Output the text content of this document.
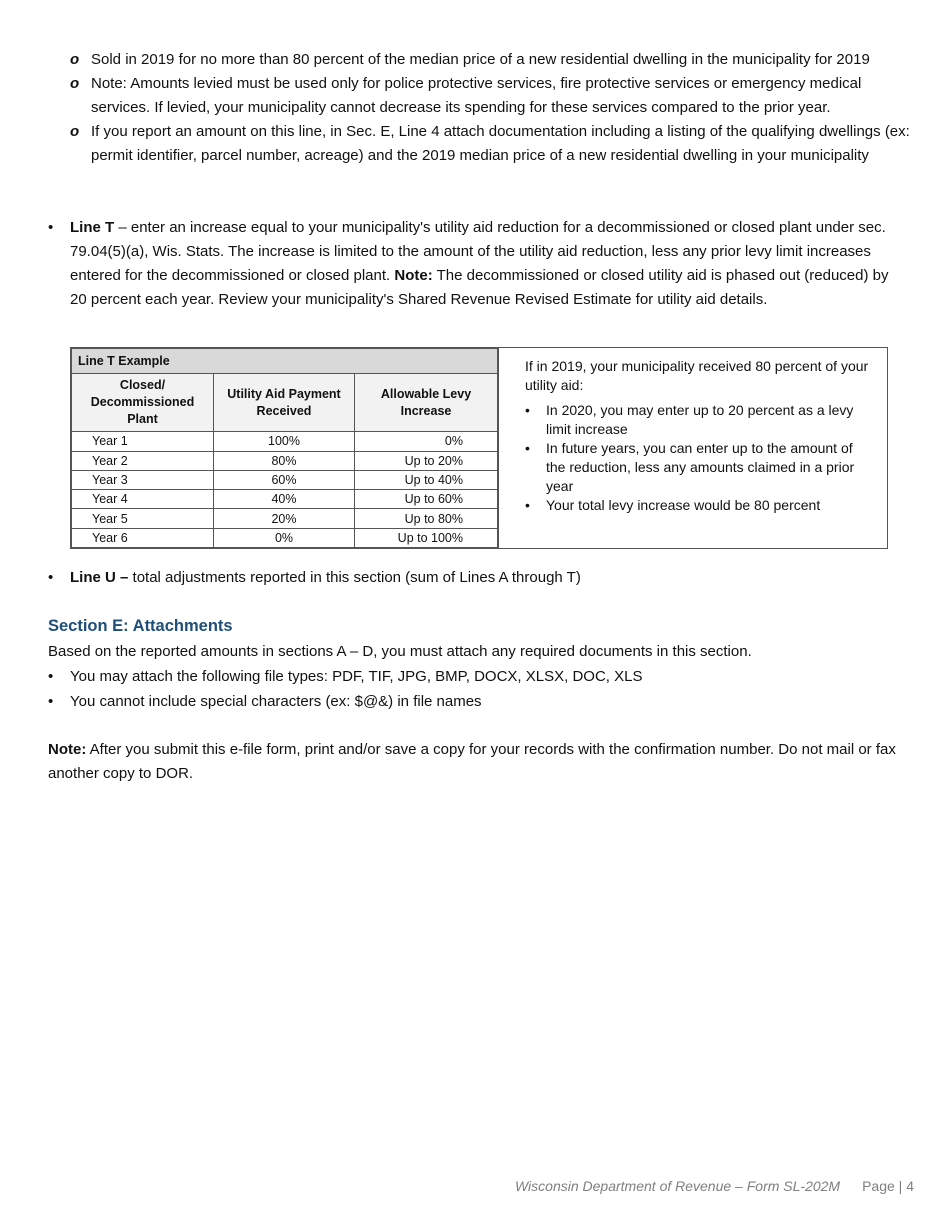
o Sold in 2019 for no more than 80 percent of the median price of a new residential dwelling in the municipality for 2019
o Note: Amounts levied must be used only for police protective services, fire protective services or emergency medical services. If levied, your municipality cannot decrease its spending for these services compared to the prior year.
o If you report an amount on this line, in Sec. E, Line 4 attach documentation including a listing of the qualifying dwellings (ex: permit identifier, parcel number, acreage) and the 2019 median price of a new residential dwelling in your municipality
• Line T – enter an increase equal to your municipality's utility aid reduction for a decommissioned or closed plant under sec. 79.04(5)(a), Wis. Stats. The increase is limited to the amount of the utility aid reduction, less any prior levy limit increases entered for the decommissioned or closed plant. Note: The decommissioned or closed utility aid is phased out (reduced) by 20 percent each year. Review your municipality's Shared Revenue Revised Estimate for utility aid details.
Line T Example		
Closed/ Decommissioned Plant	Utility Aid Payment Received	Allowable Levy Increase
Year 1	100%	0%
Year 2	80%	Up to 20%
Year 3	60%	Up to 40%
Year 4	40%	Up to 60%
Year 5	20%	Up to 80%
Year 6	0%	Up to 100%
If in 2019, your municipality received 80 percent of your utility aid:
• In 2020, you may enter up to 20 percent as a levy limit increase
• In future years, you can enter up to the amount of the reduction, less any amounts claimed in a prior year
• Your total levy increase would be 80 percent
• Line U – total adjustments reported in this section (sum of Lines A through T)
Section E: Attachments
Based on the reported amounts in sections A – D, you must attach any required documents in this section.
• You may attach the following file types: PDF, TIF, JPG, BMP, DOCX, XLSX, DOC, XLS
• You cannot include special characters (ex: $@&) in file names
Note: After you submit this e-file form, print and/or save a copy for your records with the confirmation number. Do not mail or fax another copy to DOR.
Wisconsin Department of Revenue – Form SL-202M Page | 4
